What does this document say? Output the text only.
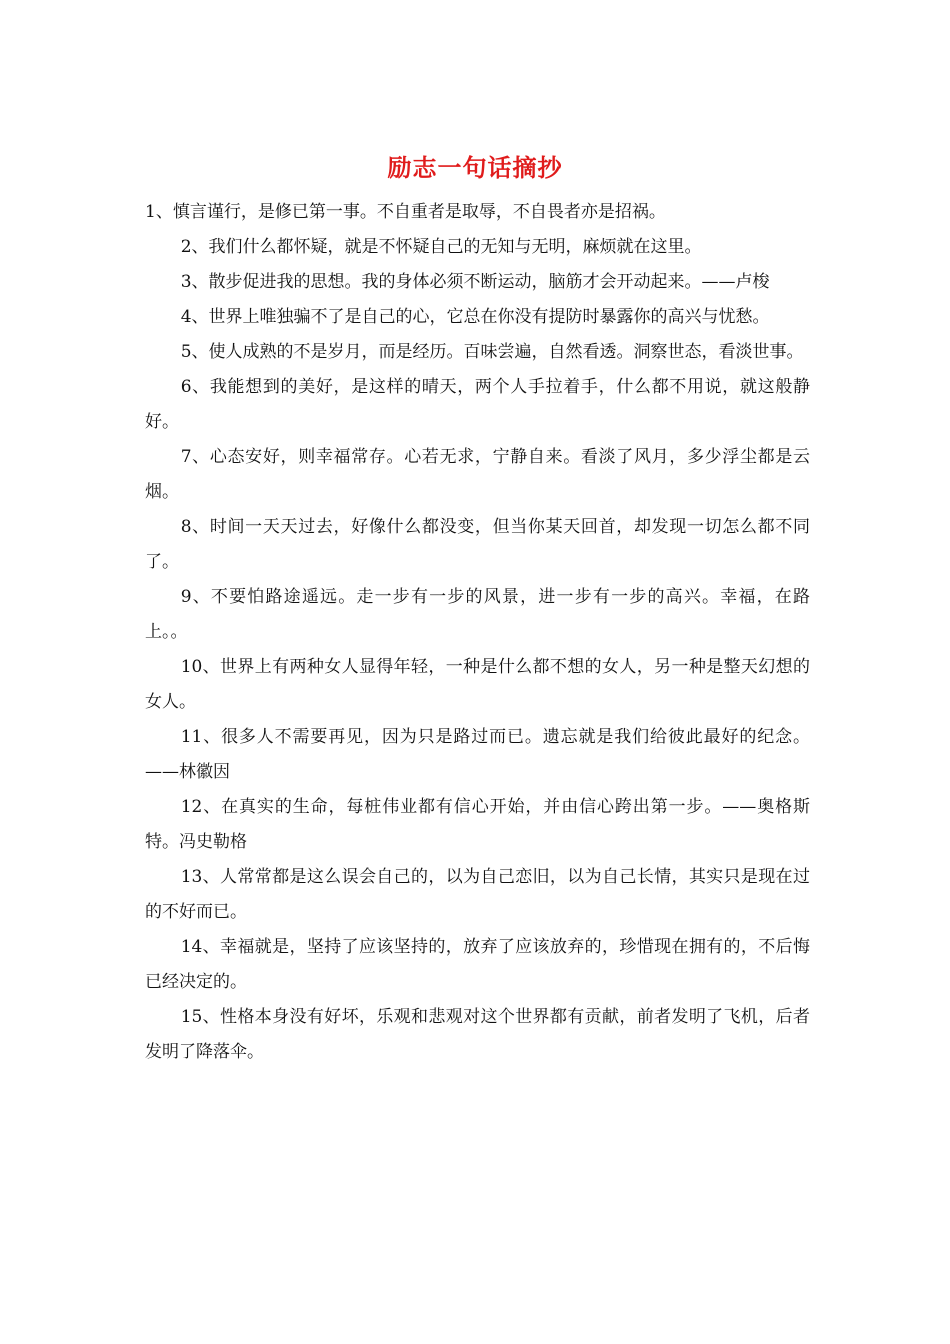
励志一句话摘抄

1、慎言谨行，是修已第一事。不自重者是取辱，不自畏者亦是招祸。

2、我们什么都怀疑，就是不怀疑自己的无知与无明，麻烦就在这里。

3、散步促进我的思想。我的身体必须不断运动，脑筋才会开动起来。——卢梭

4、世界上唯独骗不了是自己的心，它总在你没有提防时暴露你的高兴与忧愁。

5、使人成熟的不是岁月，而是经历。百味尝遍，自然看透。洞察世态，看淡世事。

6、我能想到的美好，是这样的晴天，两个人手拉着手，什么都不用说，就这般静好。

7、心态安好，则幸福常存。心若无求，宁静自来。看淡了风月，多少浮尘都是云烟。

8、时间一天天过去，好像什么都没变，但当你某天回首，却发现一切怎么都不同了。

9、不要怕路途遥远。走一步有一步的风景，进一步有一步的高兴。幸福，在路上。。

10、世界上有两种女人显得年轻，一种是什么都不想的女人，另一种是整天幻想的女人。

11、很多人不需要再见，因为只是路过而已。遗忘就是我们给彼此最好的纪念。——林徽因

12、在真实的生命，每桩伟业都有信心开始，并由信心跨出第一步。——奥格斯特。冯史勒格

13、人常常都是这么误会自己的，以为自己恋旧，以为自己长情，其实只是现在过的不好而已。

14、幸福就是，坚持了应该坚持的，放弃了应该放弃的，珍惜现在拥有的，不后悔已经决定的。

15、性格本身没有好坏，乐观和悲观对这个世界都有贡献，前者发明了飞机，后者发明了降落伞。
